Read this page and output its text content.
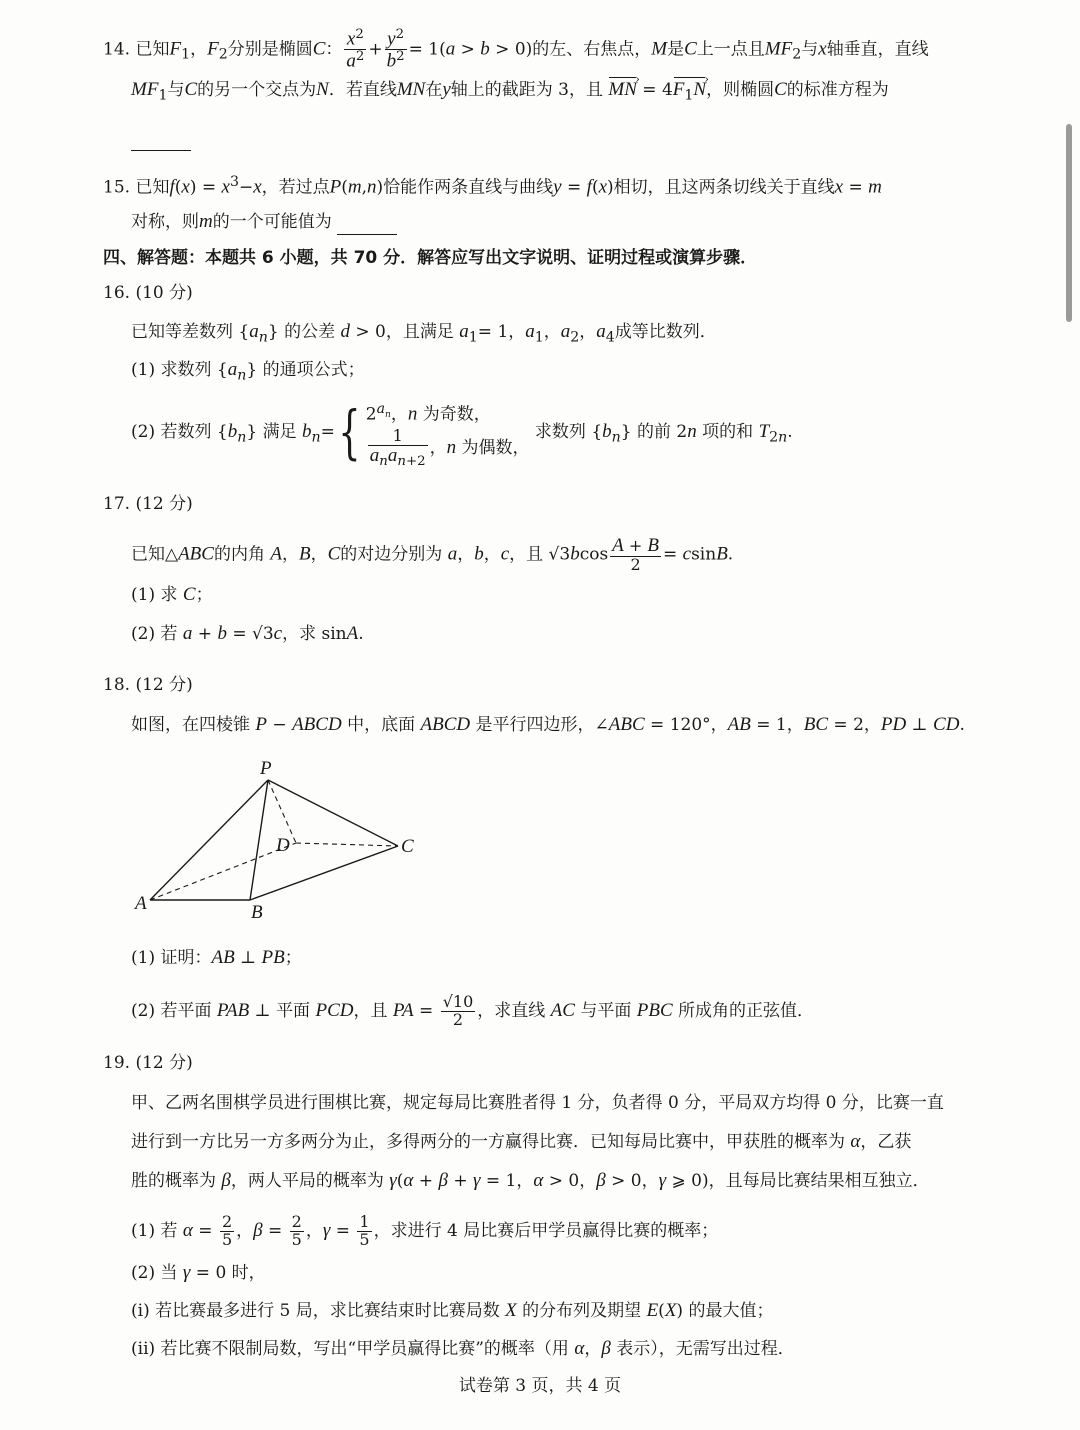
14. 已知$F_1$，$F_2$分别是椭圆C： $\frac{x^2}{a^2} + \frac{y^2}{b^2} = 1(a > b > 0)$的左、右焦点，M是C上一点且$MF_2$与x轴垂直，直线
$MF_1$与C的另一个交点为N．若直线MN在y轴上的截距为 3，且 MN › = $4F_1N$ ›，则椭圆C的标准方程为

15. 已知$f(x) = x^3-x$，若过点P(m,n)恰能作两条直线与曲线y = f(x)相切，且这两条切线关于直线x = m
对称，则m的一个可能值为
四、解答题：本题共 6 小题，共 70 分．解答应写出文字说明、证明过程或演算步骤．
16. (10 分)
已知等差数列 $\{a_n\}$ 的公差 d > 0，且满足 $a_1= 1$，$a_1$，$a_2$，$a_4$成等比数列．
(1) 求数列 $\{a_n\}$ 的通项公式；
(2) 若数列 $\{b_n\}$ 满足 $b_n=${ $2^{a_n}$，n 为奇数，
$\frac{1}{a_na_{n+2}}$ ，n 为偶数，
求数列 $\{b_n\}$ 的前 2n 项的和 $T_{2n}$.
17. (12 分)
已知△ABC的内角 A，B，C的对边分别为 a，b，c，且 $√3bcos \frac{A + B}{2} = csinB$.
(1) 求 C；
(2) 若 a + b = √3c，求 sinA.
18. (12 分)
如图，在四棱锥 P − ABCD 中，底面 ABCD 是平行四边形，∠ABC = 120°，AB = 1，BC = 2，PD ⊥ CD.
P
A	B
C
D
(1) 证明：AB ⊥ PB；
(2) 若平面 PAB ⊥ 平面 PCD，且 PA = $\frac{√10}{2}$ ，求直线 AC 与平面 PBC 所成角的正弦值．
19. (12 分)
甲、乙两名围棋学员进行围棋比赛，规定每局比赛胜者得 1 分，负者得 0 分，平局双方均得 0 分，比赛一直
进行到一方比另一方多两分为止，多得两分的一方赢得比赛．已知每局比赛中，甲获胜的概率为 α，乙获
胜的概率为 β，两人平局的概率为 γ(α + β + γ = 1，α > 0，β > 0，γ ⩾ 0)，且每局比赛结果相互独立．
(1) 若 $\alpha = \frac{2}{5}$ ，$\beta = \frac{2}{5}$ ，$\gamma = \frac{1}{5}$ ，求进行 4 局比赛后甲学员赢得比赛的概率；
(2) 当 γ = 0 时，
(i) 若比赛最多进行 5 局，求比赛结束时比赛局数 X 的分布列及期望 E(X) 的最大值；
(ii) 若比赛不限制局数，写出“甲学员赢得比赛”的概率（用 α，β 表示），无需写出过程．
试卷第 3 页，共 4 页
